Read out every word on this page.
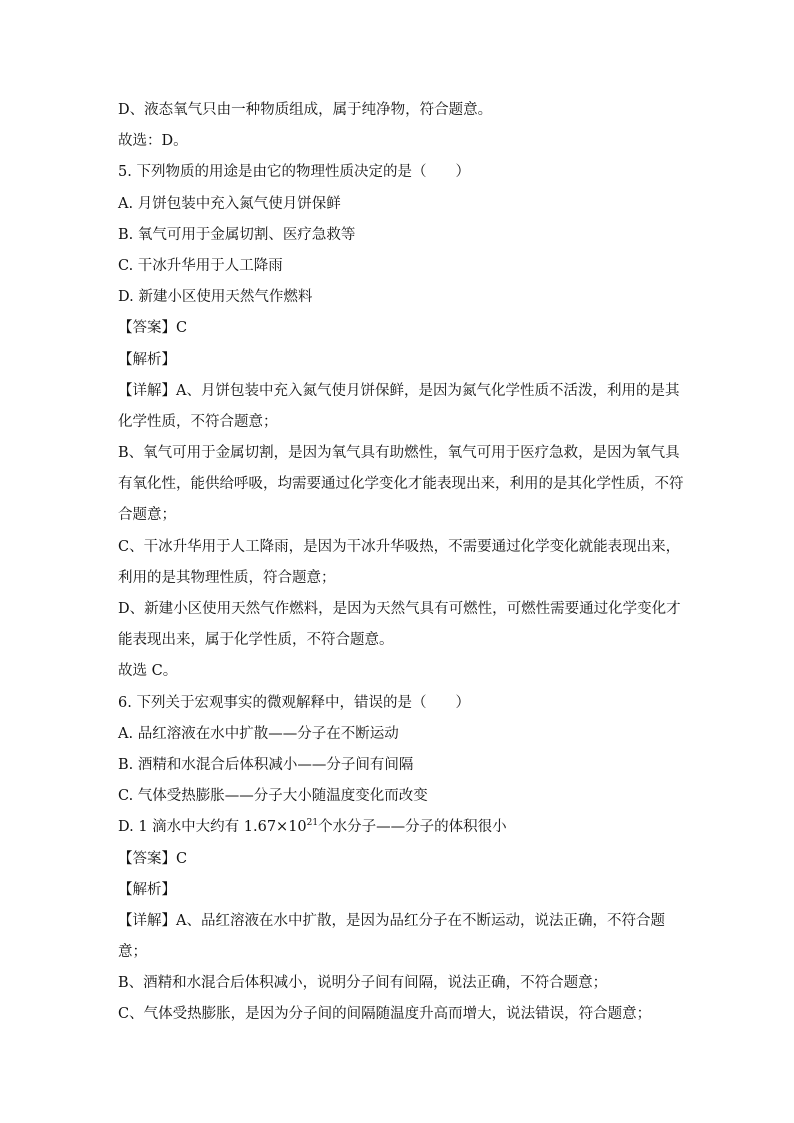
D、液态氧气只由一种物质组成，属于纯净物，符合题意。
故选：D。
5. 下列物质的用途是由它的物理性质决定的是（　　）
A. 月饼包装中充入氮气使月饼保鲜
B. 氧气可用于金属切割、医疗急救等
C. 干冰升华用于人工降雨
D. 新建小区使用天然气作燃料
【答案】C
【解析】
【详解】A、月饼包装中充入氮气使月饼保鲜，是因为氮气化学性质不活泼，利用的是其
化学性质，不符合题意；
B、氧气可用于金属切割，是因为氧气具有助燃性，氧气可用于医疗急救，是因为氧气具
有氧化性，能供给呼吸，均需要通过化学变化才能表现出来，利用的是其化学性质，不符
合题意；
C、干冰升华用于人工降雨，是因为干冰升华吸热，不需要通过化学变化就能表现出来，
利用的是其物理性质，符合题意；
D、新建小区使用天然气作燃料，是因为天然气具有可燃性，可燃性需要通过化学变化才
能表现出来，属于化学性质，不符合题意。
故选 C。
6. 下列关于宏观事实的微观解释中，错误的是（　　）
A. 品红溶液在水中扩散——分子在不断运动
B. 酒精和水混合后体积减小——分子间有间隔
C. 气体受热膨胀——分子大小随温度变化而改变
D. 1 滴水中大约有 $1.67\times 10^{21}$个水分子——分子的体积很小
【答案】C
【解析】
【详解】A、品红溶液在水中扩散，是因为品红分子在不断运动，说法正确，不符合题
意；
B、酒精和水混合后体积减小，说明分子间有间隔，说法正确，不符合题意；
C、气体受热膨胀，是因为分子间的间隔随温度升高而增大，说法错误，符合题意；
